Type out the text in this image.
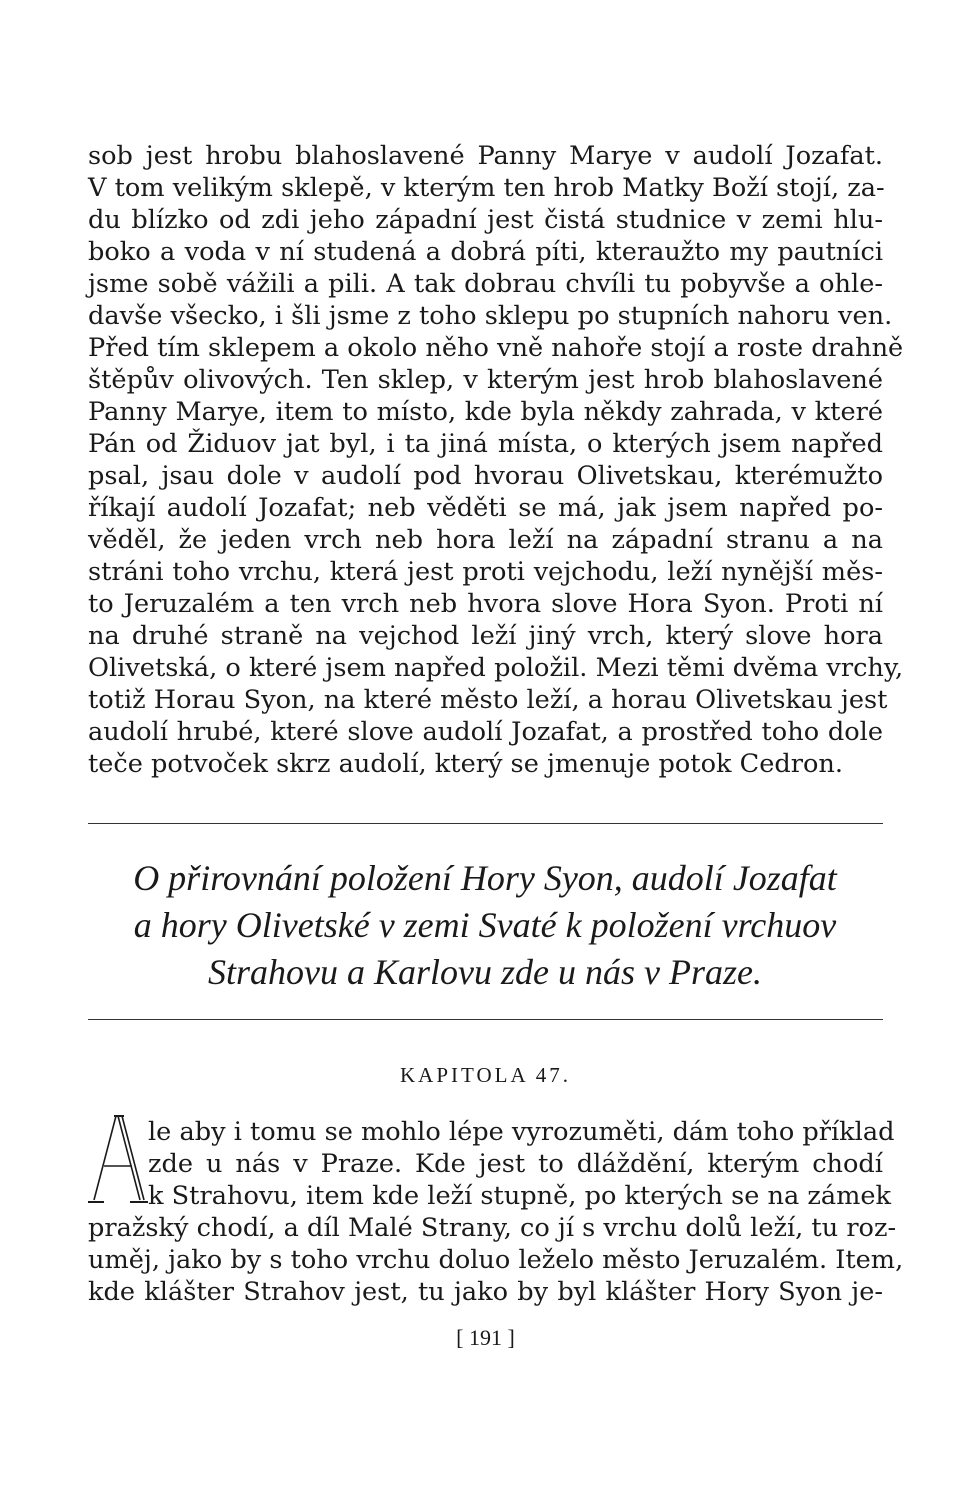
sob jest hrobu blahoslavené Panny Marye v audolí Jozafat.
V tom velikým sklepě, v kterým ten hrob Matky Boží stojí, za-
du blízko od zdi jeho západní jest čistá studnice v zemi hlu-
boko a voda v ní studená a dobrá píti, kteraužto my pautníci
jsme sobě vážili a pili. A tak dobrau chvíli tu pobyvše a ohle-
davše všecko, i šli jsme z toho sklepu po stupních nahoru ven.
Před tím sklepem a okolo něho vně nahoře stojí a roste drahně
štěpův olivových. Ten sklep, v kterým jest hrob blahoslavené
Panny Marye, item to místo, kde byla někdy zahrada, v které
Pán od Židuov jat byl, i ta jiná místa, o kterých jsem napřed
psal, jsau dole v audolí pod hvorau Olivetskau, kterémužto
říkají audolí Jozafat; neb věděti se má, jak jsem napřed po-
věděl, že jeden vrch neb hora leží na západní stranu a na
stráni toho vrchu, která jest proti vejchodu, leží nynější měs-
to Jeruzalém a ten vrch neb hvora slove Hora Syon. Proti ní
na druhé straně na vejchod leží jiný vrch, který slove hora
Olivetská, o které jsem napřed položil. Mezi těmi dvěma vrchy,
totiž Horau Syon, na které město leží, a horau Olivetskau jest
audolí hrubé, které slove audolí Jozafat, a prostřed toho dole
teče potvoček skrz audolí, který se jmenuje potok Cedron.
O přirovnání položení Hory Syon, audolí Jozafat
a hory Olivetské v zemi Svaté k položení vrchuov
Strahovu a Karlovu zde u nás v Praze.
KAPITOLA 47.
le aby i tomu se mohlo lépe vyrozuměti, dám toho příklad
zde u nás v Praze. Kde jest to dláždění, kterým chodí
k Strahovu, item kde leží stupně, po kterých se na zámek
pražský chodí, a díl Malé Strany, co jí s vrchu dolů leží, tu roz-
uměj, jako by s toho vrchu doluo leželo město Jeruzalém. Item,
kde klášter Strahov jest, tu jako by byl klášter Hory Syon je-
[ 191 ]
